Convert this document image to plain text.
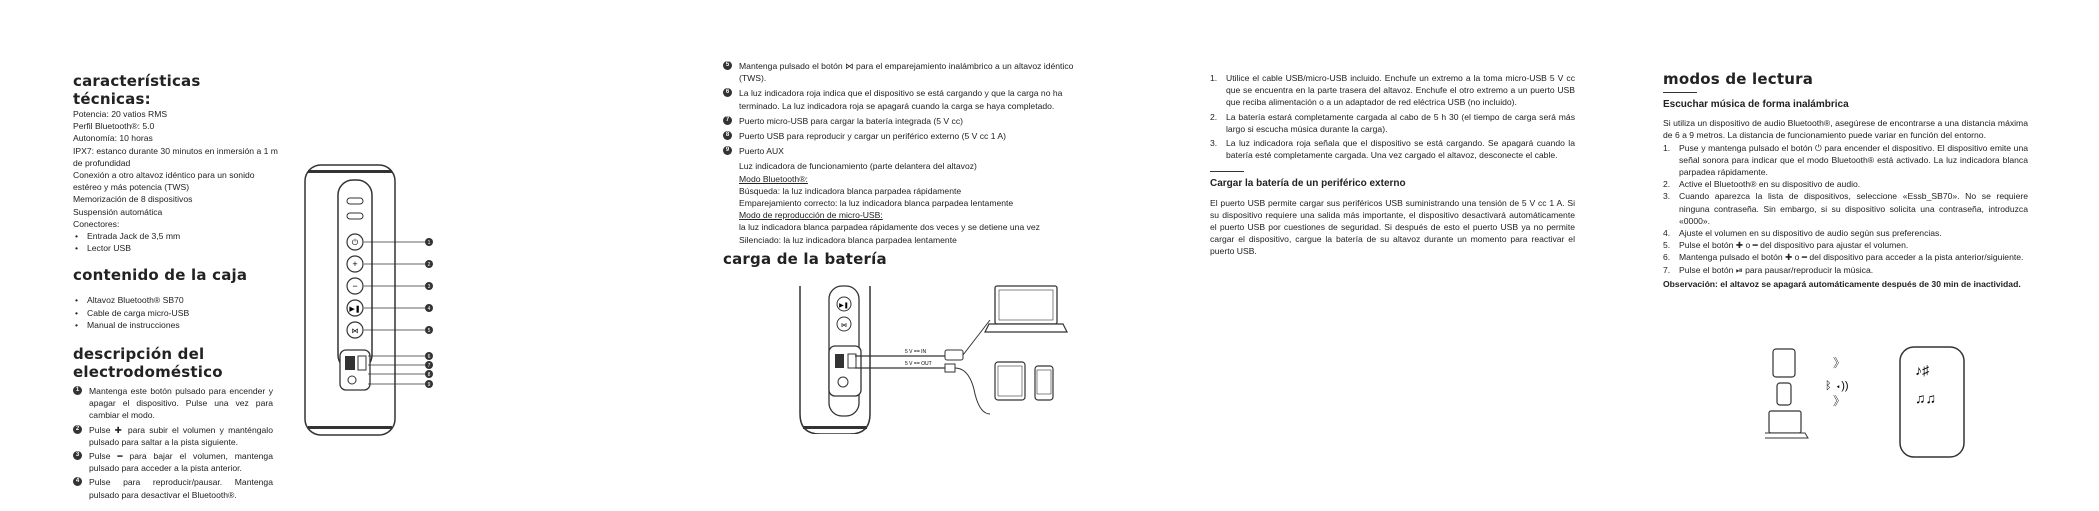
características técnicas:

Potencia: 20 vatios RMS

Perfil Bluetooth®: 5.0

Autonomía: 10 horas

IPX7: estanco durante 30 minutos en inmersión a 1 m de profundidad

Conexión a otro altavoz idéntico para un sonido estéreo y más potencia (TWS)

Memorización de 8 dispositivos

Suspensión automática

Conectores:

• Entrada Jack de 3,5 mm

• Lector USB

contenido de la caja

• Altavoz Bluetooth® SB70

• Cable de carga micro-USB

• Manual de instrucciones

descripción del electrodoméstico

1	Mantenga este botón pulsado para encender y apagar el dispositivo. Pulse una vez para cambiar el modo.

2	Pulse ✚ para subir el volumen y manténgalo pulsado para saltar a la pista siguiente.

3	Pulse ━ para bajar el volumen, mantenga pulsado para acceder a la pista anterior.

4	Pulse para reproducir/pausar. Mantenga pulsado para desactivar el Bluetooth®.

⏻
+
−
▶❚
⋈
1
2
3
4
5
6
7
8
9

5	Mantenga pulsado el botón ⋈ para el emparejamiento inalámbrico a un altavoz idéntico (TWS).

6	La luz indicadora roja indica que el dispositivo se está cargando y que la carga no ha terminado. La luz indicadora roja se apagará cuando la carga se haya completado.

7	Puerto micro-USB para cargar la batería integrada (5 V cc)

8	Puerto USB para reproducir y cargar un periférico externo (5 V cc 1 A)

9	Puerto AUX

Luz indicadora de funcionamiento (parte delantera del altavoz)

Modo Bluetooth®:

Búsqueda: la luz indicadora blanca parpadea rápidamente

Emparejamiento correcto: la luz indicadora blanca parpadea lentamente

Modo de reproducción de micro-USB:

la luz indicadora blanca parpadea rápidamente dos veces y se detiene una vez

Silenciado: la luz indicadora blanca parpadea lentamente

carga de la batería

▶❚
⋈
5 V == IN
5 V == OUT

1. Utilice el cable USB/micro-USB incluido. Enchufe un extremo a la toma micro-USB 5 V cc que se encuentra en la parte trasera del altavoz. Enchufe el otro extremo a un puerto USB que reciba alimentación o a un adaptador de red eléctrica USB (no incluido).

2. La batería estará completamente cargada al cabo de 5 h 30 (el tiempo de carga será más largo si escucha música durante la carga).

3. La luz indicadora roja señala que el dispositivo se está cargando. Se apagará cuando la batería esté completamente cargada. Una vez cargado el altavoz, desconecte el cable.

Cargar la batería de un periférico externo

El puerto USB permite cargar sus periféricos USB suministrando una tensión de 5 V cc 1 A. Si su dispositivo requiere una salida más importante, el dispositivo desactivará automáticamente el puerto USB por cuestiones de seguridad. Si después de esto el puerto USB ya no permite cargar el dispositivo, cargue la batería de su altavoz durante un momento para reactivar el puerto USB.

modos de lectura

Escuchar música de forma inalámbrica

Si utiliza un dispositivo de audio Bluetooth®, asegúrese de encontrarse a una distancia máxima de 6 a 9 metros. La distancia de funcionamiento puede variar en función del entorno.

1. Puse y mantenga pulsado el botón ⏻ para encender el dispositivo. El dispositivo emite una señal sonora para indicar que el modo Bluetooth® está activado. La luz indicadora blanca parpadea rápidamente.

2. Active el Bluetooth® en su dispositivo de audio.

3. Cuando aparezca la lista de dispositivos, seleccione «Essb_SB70». No se requiere ninguna contraseña. Sin embargo, si su dispositivo solicita una contraseña, introduzca «0000».

4. Ajuste el volumen en su dispositivo de audio según sus preferencias.

5. Pulse el botón ✚ o ━ del dispositivo para ajustar el volumen.

6. Mantenga pulsado el botón ✚ o ━ del dispositivo para acceder a la pista anterior/siguiente.

7. Pulse el botón ⏯ para pausar/reproducir la música.

Observación: el altavoz se apagará automáticamente después de 30 min de inactividad.

》
ᛒ ◂))
》
♪♯
♫♫
